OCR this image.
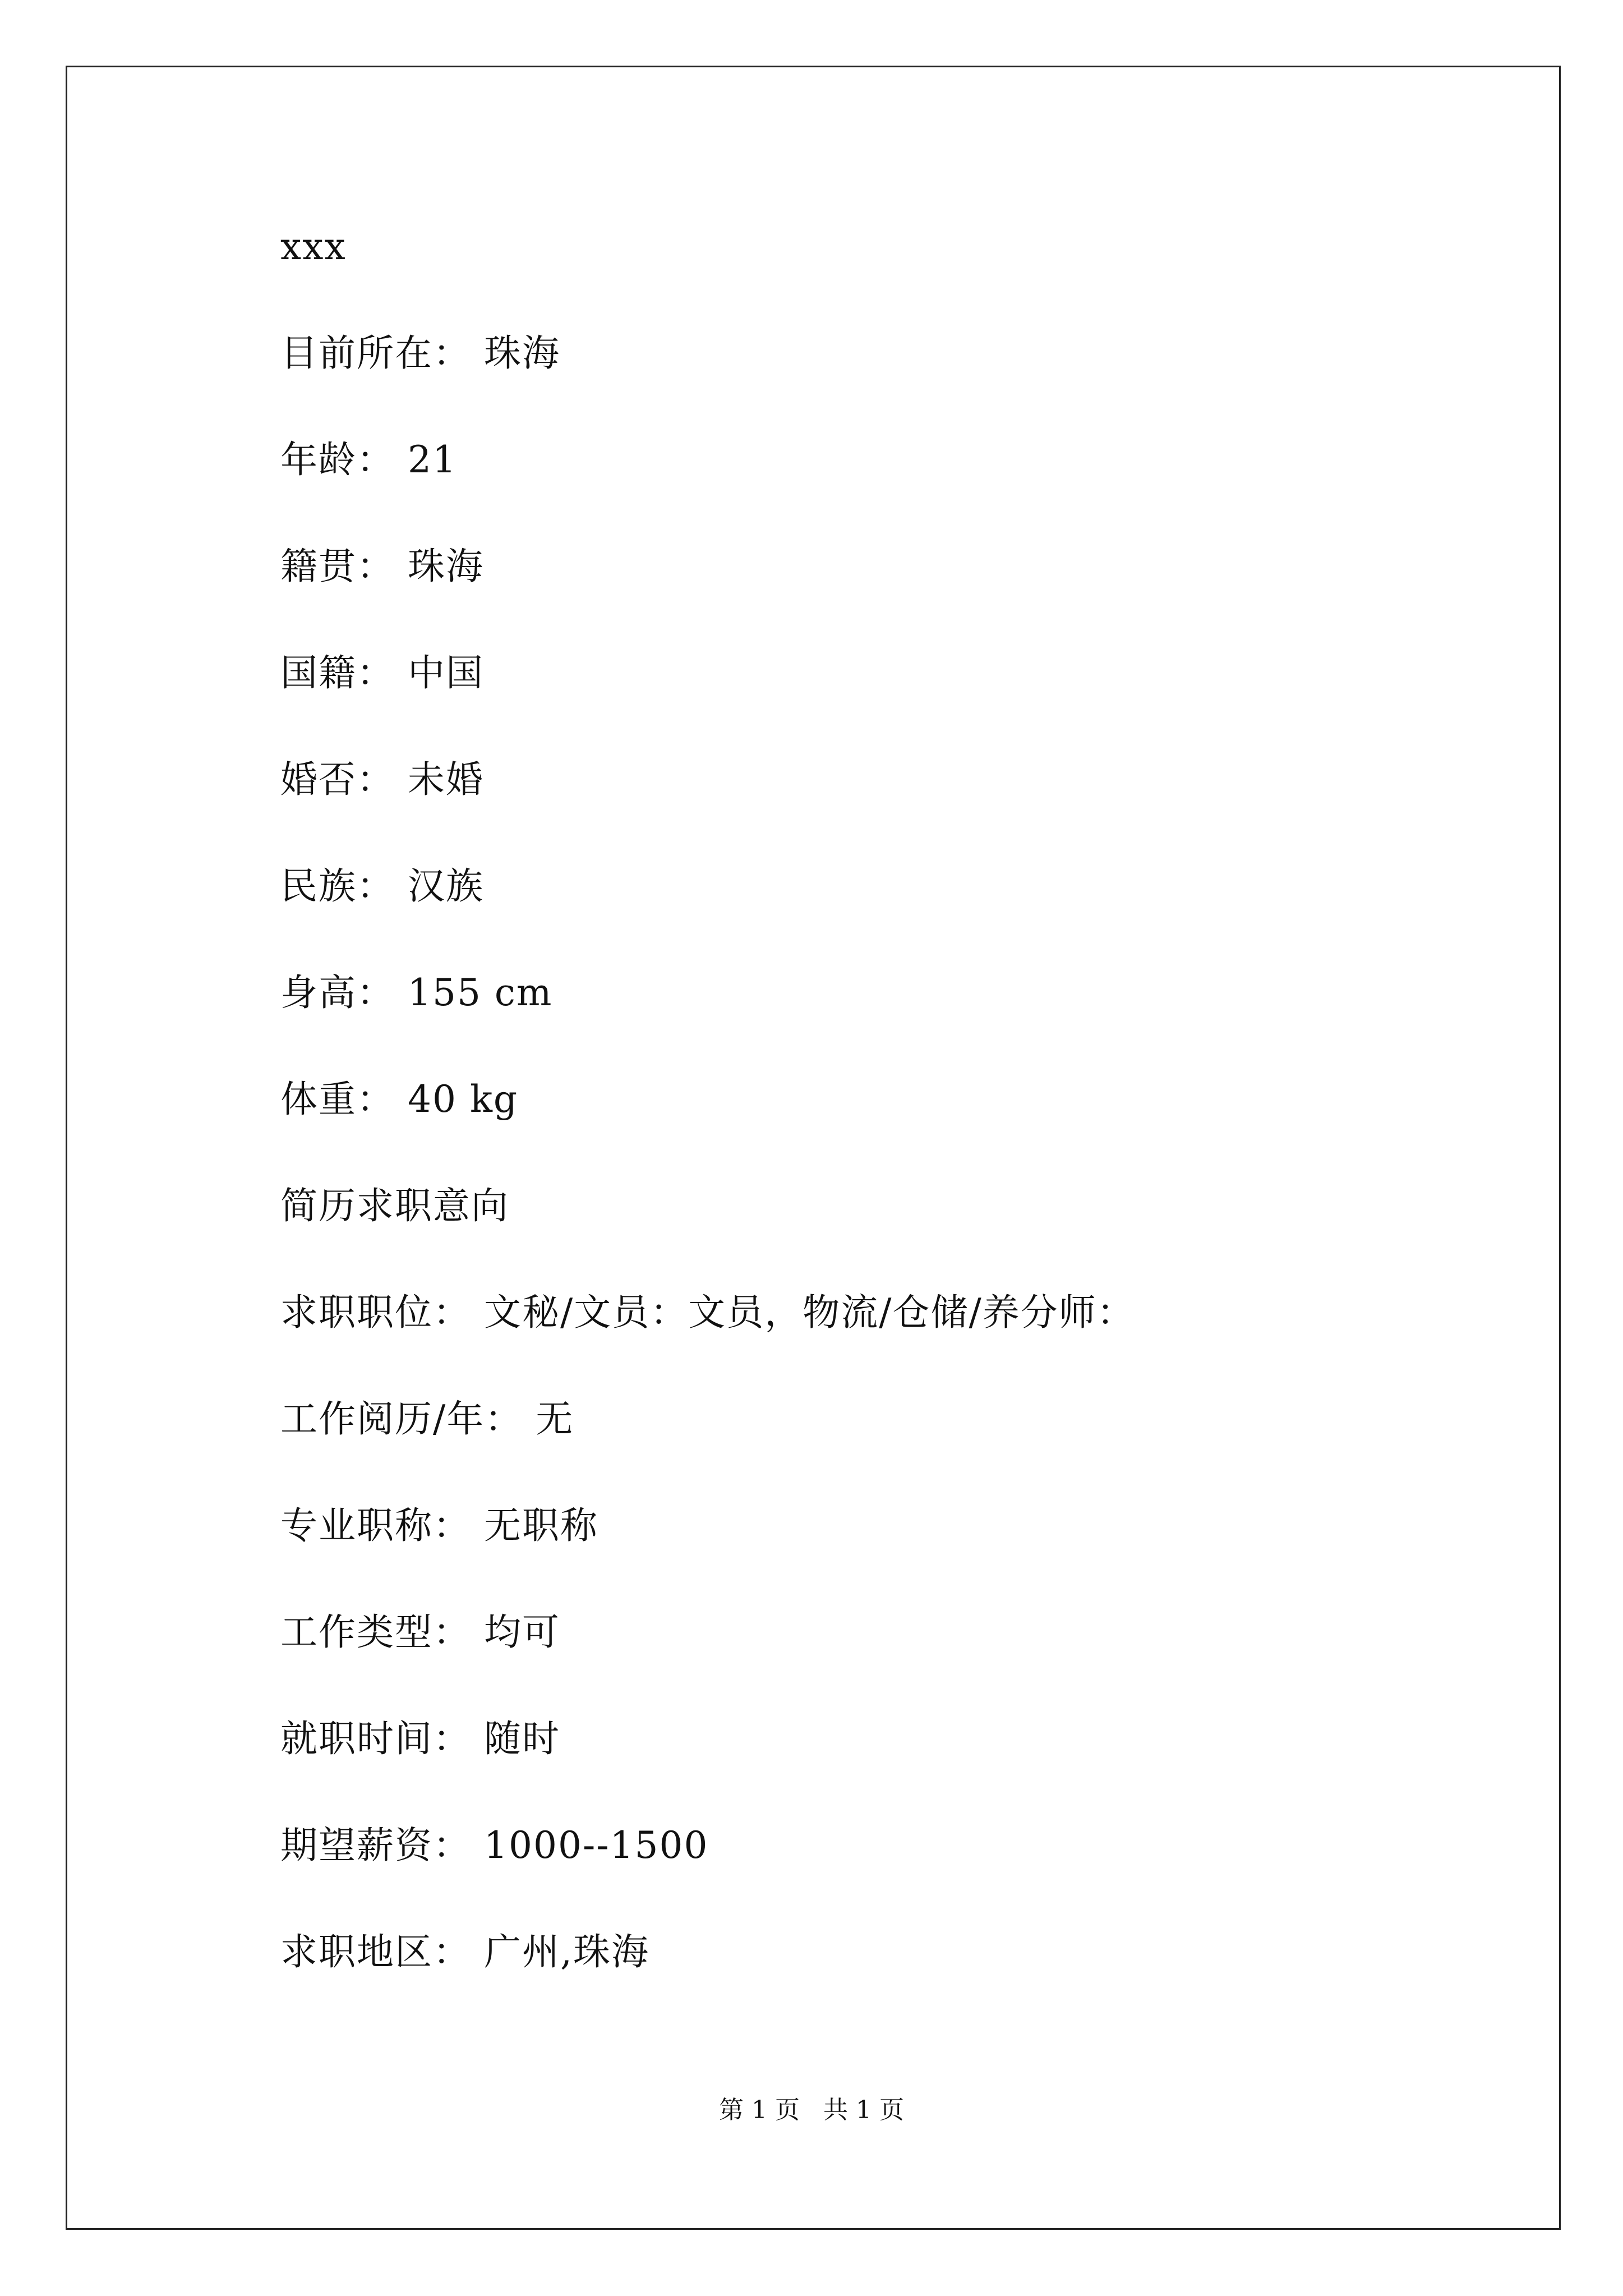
xxx
目前所在： 珠海
年龄： 21
籍贯： 珠海
国籍： 中国
婚否： 未婚
民族： 汉族
身高： 155 cm
体重： 40 kg
简历求职意向
求职职位： 文秘/文员：文员，物流/仓储/养分师：
工作阅历/年： 无
专业职称： 无职称
工作类型： 均可
就职时间： 随时
期望薪资： 1000--1500
求职地区： 广州,珠海
第 1 页   共 1 页
